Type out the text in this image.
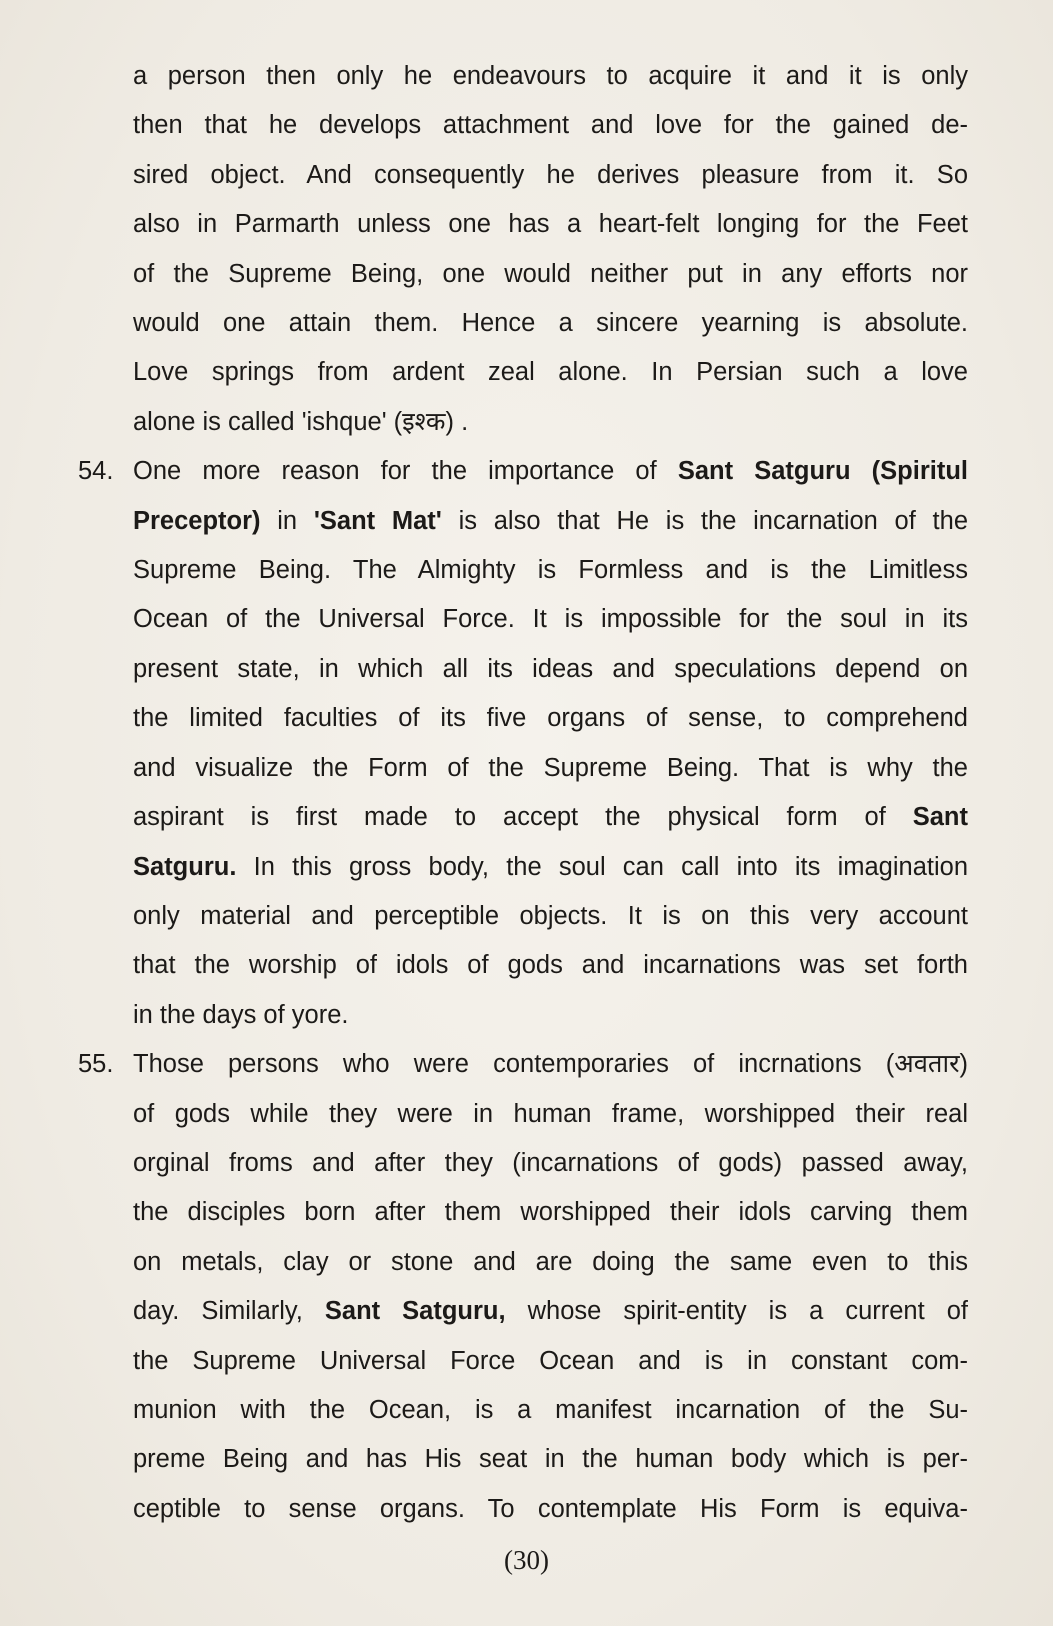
a person then only he endeavours to acquire it and it is only
then that he develops attachment and love for the gained de-
sired object. And consequently he derives pleasure from it. So
also in Parmarth unless one has a heart-felt longing for the Feet
of the Supreme Being, one would neither put in any efforts nor
would one attain them. Hence a sincere yearning is absolute.
Love springs from ardent zeal alone. In Persian such a love
alone is called 'ishque' (इश्क) .
54. One more reason for the importance of Sant Satguru (Spiritul
Preceptor) in 'Sant Mat' is also that He is the incarnation of the
Supreme Being. The Almighty is Formless and is the Limitless
Ocean of the Universal Force. It is impossible for the soul in its
present state, in which all its ideas and speculations depend on
the limited faculties of its five organs of sense, to comprehend
and visualize the Form of the Supreme Being. That is why the
aspirant is first made to accept the physical form of Sant
Satguru. In this gross body, the soul can call into its imagination
only material and perceptible objects. It is on this very account
that the worship of idols of gods and incarnations was set forth
in the days of yore.
55. Those persons who were contemporaries of incrnations (अवतार)
of gods while they were in human frame, worshipped their real
orginal froms and after they (incarnations of gods) passed away,
the disciples born after them worshipped their idols carving them
on metals, clay or stone and are doing the same even to this
day. Similarly, Sant Satguru, whose spirit-entity is a current of
the Supreme Universal Force Ocean and is in constant com-
munion with the Ocean, is a manifest incarnation of the Su-
preme Being and has His seat in the human body which is per-
ceptible to sense organs. To contemplate His Form is equiva-
(30)
